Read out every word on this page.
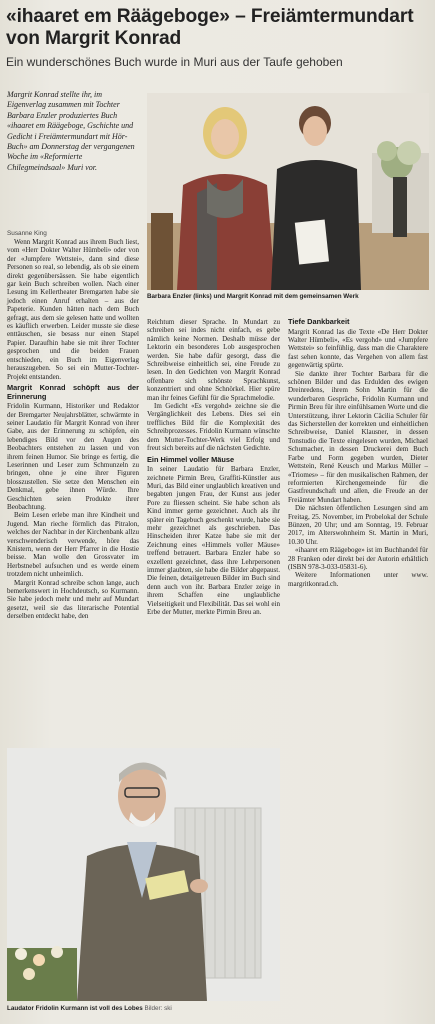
«ihaaret em Räägeboge» – Freiämtermundart von Margrit Konrad
Ein wunderschönes Buch wurde in Muri aus der Taufe gehoben
Margrit Konrad stellte ihr, im Eigenverlag zusammen mit Tochter Barbara Enzler produziertes Buch «ihaaret em Räägeboge, Gschichte und Gedicht i Freiämtermundart mit Hör-Buch» am Donnerstag der vergangenen Woche im «Reformierte Chilegmeindsaal» Muri vor.
Susanne King
Barbara Enzler (links) und Margrit Konrad mit dem gemeinsamen Werk

Wenn Margrit Konrad aus ihrem Buch liest, vom «Herr Dokter Walter Hümbeli» oder von der «Jumpfere Wettstei», dann sind diese Personen so real, so lebendig, als ob sie einem direkt gegenübersässen. Sie habe eigentlich gar kein Buch schreiben wollen. Nach einer Lesung im Kellertheater Bremgarten habe sie jedoch einen Anruf erhalten – aus der Papeterie. Kunden hätten nach dem Buch gefragt, aus dem sie gelesen hatte und wollten es käuflich erwerben. Leider musste sie diese enttäuschen, sie besass nur einen Stapel Papier. Daraufhin habe sie mit ihrer Tochter gesprochen und die beiden Frauen entschieden, ein Buch im Eigenverlag herauszugeben. So sei ein Mutter-Tochter-Projekt entstanden.

Margrit Konrad schöpft aus der Erinnerung

Fridolin Kurmann, Historiker und Redaktor der Bremgarter Neujahrsblätter, schwärmte in seiner Laudatio für Margrit Konrad von ihrer Gabe, aus der Erinnerung zu schöpfen, ein lebendiges Bild vor den Augen des Beobachters entstehen zu lassen und von ihrem feinen Humor. Sie bringe es fertig, die Leserinnen und Leser zum Schmunzeln zu bringen, ohne je eine ihrer Figuren blosszustellen. Sie setze den Menschen ein Denkmal, gebe ihnen Würde. Ihre Geschichten seien Produkte ihrer Beobachtung.

Beim Lesen erlebe man ihre Kindheit und Jugend. Man rieche förmlich das Pitralon, welches der Nachbar in der Kirchenbank allzu verschwenderisch verwende, höre das Knistern, wenn der Herr Pfarrer in die Hostie beisse. Man wolle den Grossvater im Herbstnebel aufsuchen und es werde einem trotzdem nicht unheimlich.

Margrit Konrad schreibe schon lange, auch bemerkenswert in Hochdeutsch, so Kurmann. Sie habe jedoch mehr und mehr auf Mundart gesetzt, weil sie das literarische Potential derselben entdeckt habe, den

Reichtum dieser Sprache. In Mundart zu schreiben sei indes nicht einfach, es gebe nämlich keine Normen. Deshalb müsse der Lektorin ein besonderes Lob ausgesprochen werden. Sie habe dafür gesorgt, dass die Schreibweise einheitlich sei, eine Freude zu lesen. In den Gedichten von Margrit Konrad offenbare sich schönste Sprachkunst, konzentriert und ohne Schnörkel. Hier spüre man ihr feines Gefühl für die Sprachmelodie.

Im Gedicht «Es vergohd» zeichne sie die Vergänglichkeit des Lebens. Dies sei ein treffliches Bild für die Komplexität des Schreibprozesses. Fridolin Kurmann wünschte dem Mutter-Tochter-Werk viel Erfolg und freut sich bereits auf die nächsten Gedichte.

Ein Himmel voller Mäuse

In seiner Laudatio für Barbara Enzler, zeichnete Pirmin Breu, Graffiti-Künstler aus Muri, das Bild einer unglaublich kreativen und begabten jungen Frau, der Kunst aus jeder Pore zu fliessen scheint. Sie habe schon als Kind immer gerne gezeichnet. Auch als ihr später ein Tagebuch geschenkt wurde, habe sie mehr gezeichnet als geschrieben. Das Hinscheiden ihrer Katze habe sie mit der Zeichnung eines «Himmels voller Mäuse» treffend betrauert. Barbara Enzler habe so exzellent gezeichnet, dass ihre Lehrpersonen immer glaubten, sie habe die Bilder abgepaust. Die feinen, detailgetreuen Bilder im Buch sind denn auch von ihr. Barbara Enzler zeige in ihrem Schaffen eine unglaubliche Vielseitigkeit und Flexibilität. Das sei wohl ein Erbe der Mutter, merkte Pirmin Breu an.

Tiefe Dankbarkeit

Margrit Konrad las die Texte «De Herr Dokter Walter Hümbeli», «Es vergohd» und «Jumpfere Wettstei» so feinfühlig, dass man die Charaktere fast sehen konnte, das Vergehen von allem fast gegenwärtig spürte.

Sie dankte ihrer Tochter Barbara für die schönen Bilder und das Erdulden des ewigen Dreinredens, ihrem Sohn Martin für die wunderbaren Gespräche, Fridolin Kurmann und Pirmin Breu für ihre einfühlsamen Worte und die Unterstützung, ihrer Lektorin Cäcilia Schuler für das Sicherstellen der korrekten und einheitlichen Schreibweise, Daniel Klausner, in dessen Tonstudio die Texte eingelesen wurden, Michael Schumacher, in dessen Druckerei dem Buch Farbe und Form gegeben wurden, Dieter Wettstein, René Keusch und Markus Müller – «Triomes» – für den musikalischen Rahmen, der reformierten Kirchengemeinde für die Gastfreundschaft und allen, die Freude an der Freiämter Mundart haben.

Die nächsten öffentlichen Lesungen sind am Freitag, 25. November, im Probelokal der Schule Bünzen, 20 Uhr; und am Sonntag, 19. Februar 2017, im Alterswohnheim St. Martin in Muri, 10.30 Uhr.

«ihaaret em Räägeboge» ist im Buchhandel für 28 Franken oder direkt bei der Autorin erhältlich (ISBN 978-3-033-05831-6).

Weitere Informationen unter www. margritkonrad.ch.

Laudator Fridolin Kurmann ist voll des Lobes Bilder: ski
